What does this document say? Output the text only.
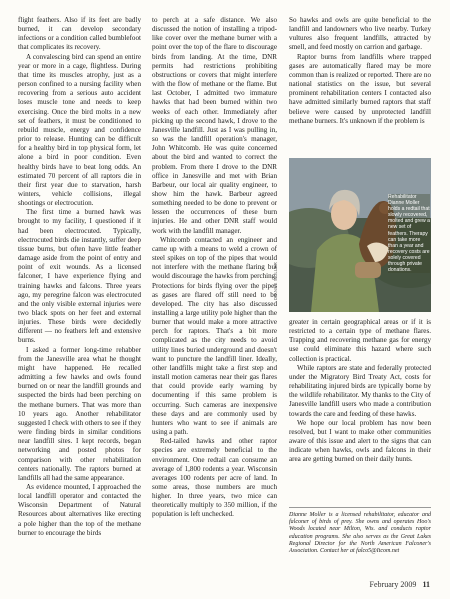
flight feathers. Also if its feet are badly burned, it can develop secondary infections or a condition called bumblefoot that complicates its recovery.

A convalescing bird can spend an entire year or more in a cage, flightless. During that time its muscles atrophy, just as a person confined to a nursing facility when recovering from a serious auto accident loses muscle tone and needs to keep exercising. Once the bird molts in a new set of feathers, it must be conditioned to rebuild muscle, energy and confidence prior to release. Hunting can be difficult for a healthy bird in top physical form, let alone a bird in poor condition. Even healthy birds have to beat long odds. An estimated 70 percent of all raptors die in their first year due to starvation, harsh winters, vehicle collisions, illegal shootings or electrocution.

The first time a burned hawk was brought to my facility, I questioned if it had been electrocuted. Typically, electrocuted birds die instantly, suffer deep tissue burns, but often have little feather damage aside from the point of entry and point of exit wounds. As a licensed falconer, I have experience flying and training hawks and falcons. Three years ago, my peregrine falcon was electrocuted and the only visible external injuries were two black spots on her feet and external injuries. These birds were decidedly different — no feathers left and extensive burns.

I asked a former long-time rehabber from the Janesville area what he thought might have happened. He recalled admitting a few hawks and owls found burned on or near the landfill grounds and suspected the birds had been perching on the methane burners. That was more than 10 years ago. Another rehabilitator suggested I check with others to see if they were finding birds in similar conditions near landfill sites. I kept records, began networking and posted photos for comparison with other rehabilitation centers nationally. The raptors burned at landfills all had the same appearance.

As evidence mounted, I approached the local landfill operator and contacted the Wisconsin Department of Natural Resources about alternatives like erecting a pole higher than the top of the methane burner to encourage the birds

to perch at a safe distance. We also discussed the notion of installing a tripod-like cover over the methane burner with a point over the top of the flare to discourage birds from landing. At the time, DNR permits had restrictions prohibiting obstructions or covers that might interfere with the flow of methane or the flame. But last October, I admitted two immature hawks that had been burned within two weeks of each other. Immediately after picking up the second hawk, I drove to the Janesville landfill. Just as I was pulling in, so was the landfill operation's manager, John Whitcomb. He was quite concerned about the bird and wanted to correct the problem. From there I drove to the DNR office in Janesville and met with Brian Barbeur, our local air quality engineer, to show him the hawk. Barbeur agreed something needed to be done to prevent or lessen the occurrences of these burn injuries. He and other DNR staff would work with the landfill manager.

Whitcomb contacted an engineer and came up with a means to weld a crown of steel spikes on top of the pipes that would not interfere with the methane flaring but would discourage the hawks from perching. Protections for birds flying over the pipes as gases are flared off still need to be developed. The city has also discussed installing a large utility pole higher than the burner that would make a more attractive perch for raptors. That's a bit more complicated as the city needs to avoid utility lines buried underground and doesn't want to puncture the landfill liner. Ideally, other landfills might take a first step and install motion cameras near their gas flares that could provide early warning by documenting if this same problem is occurring. Such cameras are inexpensive these days and are commonly used by hunters who want to see if animals are using a path.

Red-tailed hawks and other raptor species are extremely beneficial to the environment. One redtail can consume an average of 1,800 rodents a year. Wisconsin averages 100 rodents per acre of land. In some areas, those numbers are much higher. In three years, two mice can theoretically multiply to 350 million, if the population is left unchecked.

So hawks and owls are quite beneficial to the landfill and landowners who live nearby. Turkey vultures also frequent landfills, attracted by smell, and feed mostly on carrion and garbage.

Raptor burns from landfills where trapped gases are automatically flared may be more common than is realized or reported. There are no national statistics on the issue, but several prominent rehabilitation centers I contacted also have admitted similarly burned raptors that staff believe were caused by unprotected landfill methane burners. It's unknown if the problem is

Rehabilitator Dianne Moller holds a redtail that slowly recovered, molted and grew a new set of feathers. Therapy can take more than a year and recovery costs are solely covered through private donations.
DIANNE MOLLER

greater in certain geographical areas or if it is restricted to a certain type of methane flares. Trapping and recovering methane gas for energy use could eliminate this hazard where such collection is practical.

While raptors are state and federally protected under the Migratory Bird Treaty Act, costs for rehabilitating injured birds are typically borne by the wildlife rehabilitator. My thanks to the City of Janesville landfill users who made a contribution towards the care and feeding of these hawks.

We hope our local problem has now been resolved, but I want to make other communities aware of this issue and alert to the signs that can indicate when hawks, owls and falcons in their area are getting burned on their daily hunts.

Dianne Moller is a licensed rehabilitator, educator and falconer of birds of prey. She owns and operates Hoo's Woods located near Milton, Wis. and conducts raptor education programs. She also serves as the Great Lakes Regional Director for the North American Falconer's Association. Contact her at falco5@Itcom.net
February 2009 11
